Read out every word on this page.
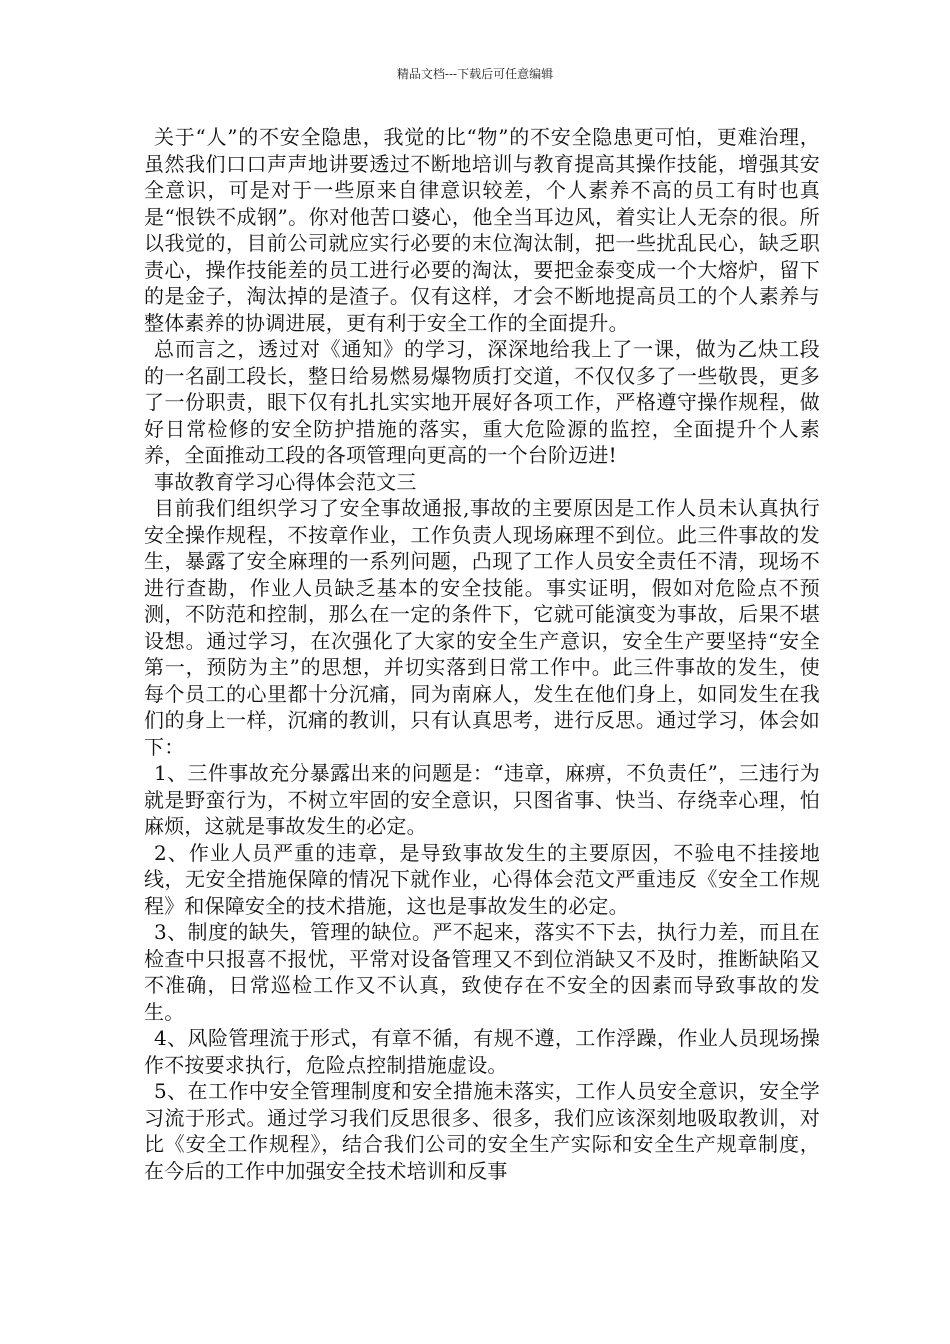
精品文档---下载后可任意编辑

关于“人”的不安全隐患，我觉的比“物”的不安全隐患更可怕，更难治理，虽然我们口口声声地讲要透过不断地培训与教育提高其操作技能，增强其安全意识，可是对于一些原来自律意识较差，个人素养不高的员工有时也真是“恨铁不成钢”。你对他苦口婆心，他全当耳边风，着实让人无奈的很。所以我觉的，目前公司就应实行必要的末位淘汰制，把一些扰乱民心，缺乏职责心，操作技能差的员工进行必要的淘汰，要把金泰变成一个大熔炉，留下的是金子，淘汰掉的是渣子。仅有这样，才会不断地提高员工的个人素养与整体素养的协调进展，更有利于安全工作的全面提升。

总而言之，透过对《通知》的学习，深深地给我上了一课，做为乙炔工段的一名副工段长，整日给易燃易爆物质打交道，不仅仅多了一些敬畏，更多了一份职责，眼下仅有扎扎实实地开展好各项工作，严格遵守操作规程，做好日常检修的安全防护措施的落实，重大危险源的监控，全面提升个人素养，全面推动工段的各项管理向更高的一个台阶迈进!

事故教育学习心得体会范文三

目前我们组织学习了安全事故通报,事故的主要原因是工作人员未认真执行安全操作规程，不按章作业，工作负责人现场麻理不到位。此三件事故的发生，暴露了安全麻理的一系列问题，凸现了工作人员安全责任不清，现场不进行查勘，作业人员缺乏基本的安全技能。事实证明，假如对危险点不预测，不防范和控制，那么在一定的条件下，它就可能演变为事故，后果不堪设想。通过学习，在次强化了大家的安全生产意识，安全生产要坚持“安全第一，预防为主”的思想，并切实落到日常工作中。此三件事故的发生，使每个员工的心里都十分沉痛，同为南麻人，发生在他们身上，如同发生在我们的身上一样，沉痛的教训，只有认真思考，进行反思。通过学习，体会如下：

1、三件事故充分暴露出来的问题是：“违章，麻痹，不负责任”，三违行为就是野蛮行为，不树立牢固的安全意识，只图省事、快当、存绕幸心理，怕麻烦，这就是事故发生的必定。

2、作业人员严重的违章，是导致事故发生的主要原因，不验电不挂接地线，无安全措施保障的情况下就作业，心得体会范文严重违反《安全工作规程》和保障安全的技术措施，这也是事故发生的必定。

3、制度的缺失，管理的缺位。严不起来，落实不下去，执行力差，而且在检查中只报喜不报忧，平常对设备管理又不到位消缺又不及时，推断缺陷又不准确，日常巡检工作又不认真，致使存在不安全的因素而导致事故的发生。

4、风险管理流于形式，有章不循，有规不遵，工作浮躁，作业人员现场操作不按要求执行，危险点控制措施虚设。

5、在工作中安全管理制度和安全措施未落实，工作人员安全意识，安全学习流于形式。通过学习我们反思很多、很多，我们应该深刻地吸取教训，对比《安全工作规程》，结合我们公司的安全生产实际和安全生产规章制度，在今后的工作中加强安全技术培训和反事
